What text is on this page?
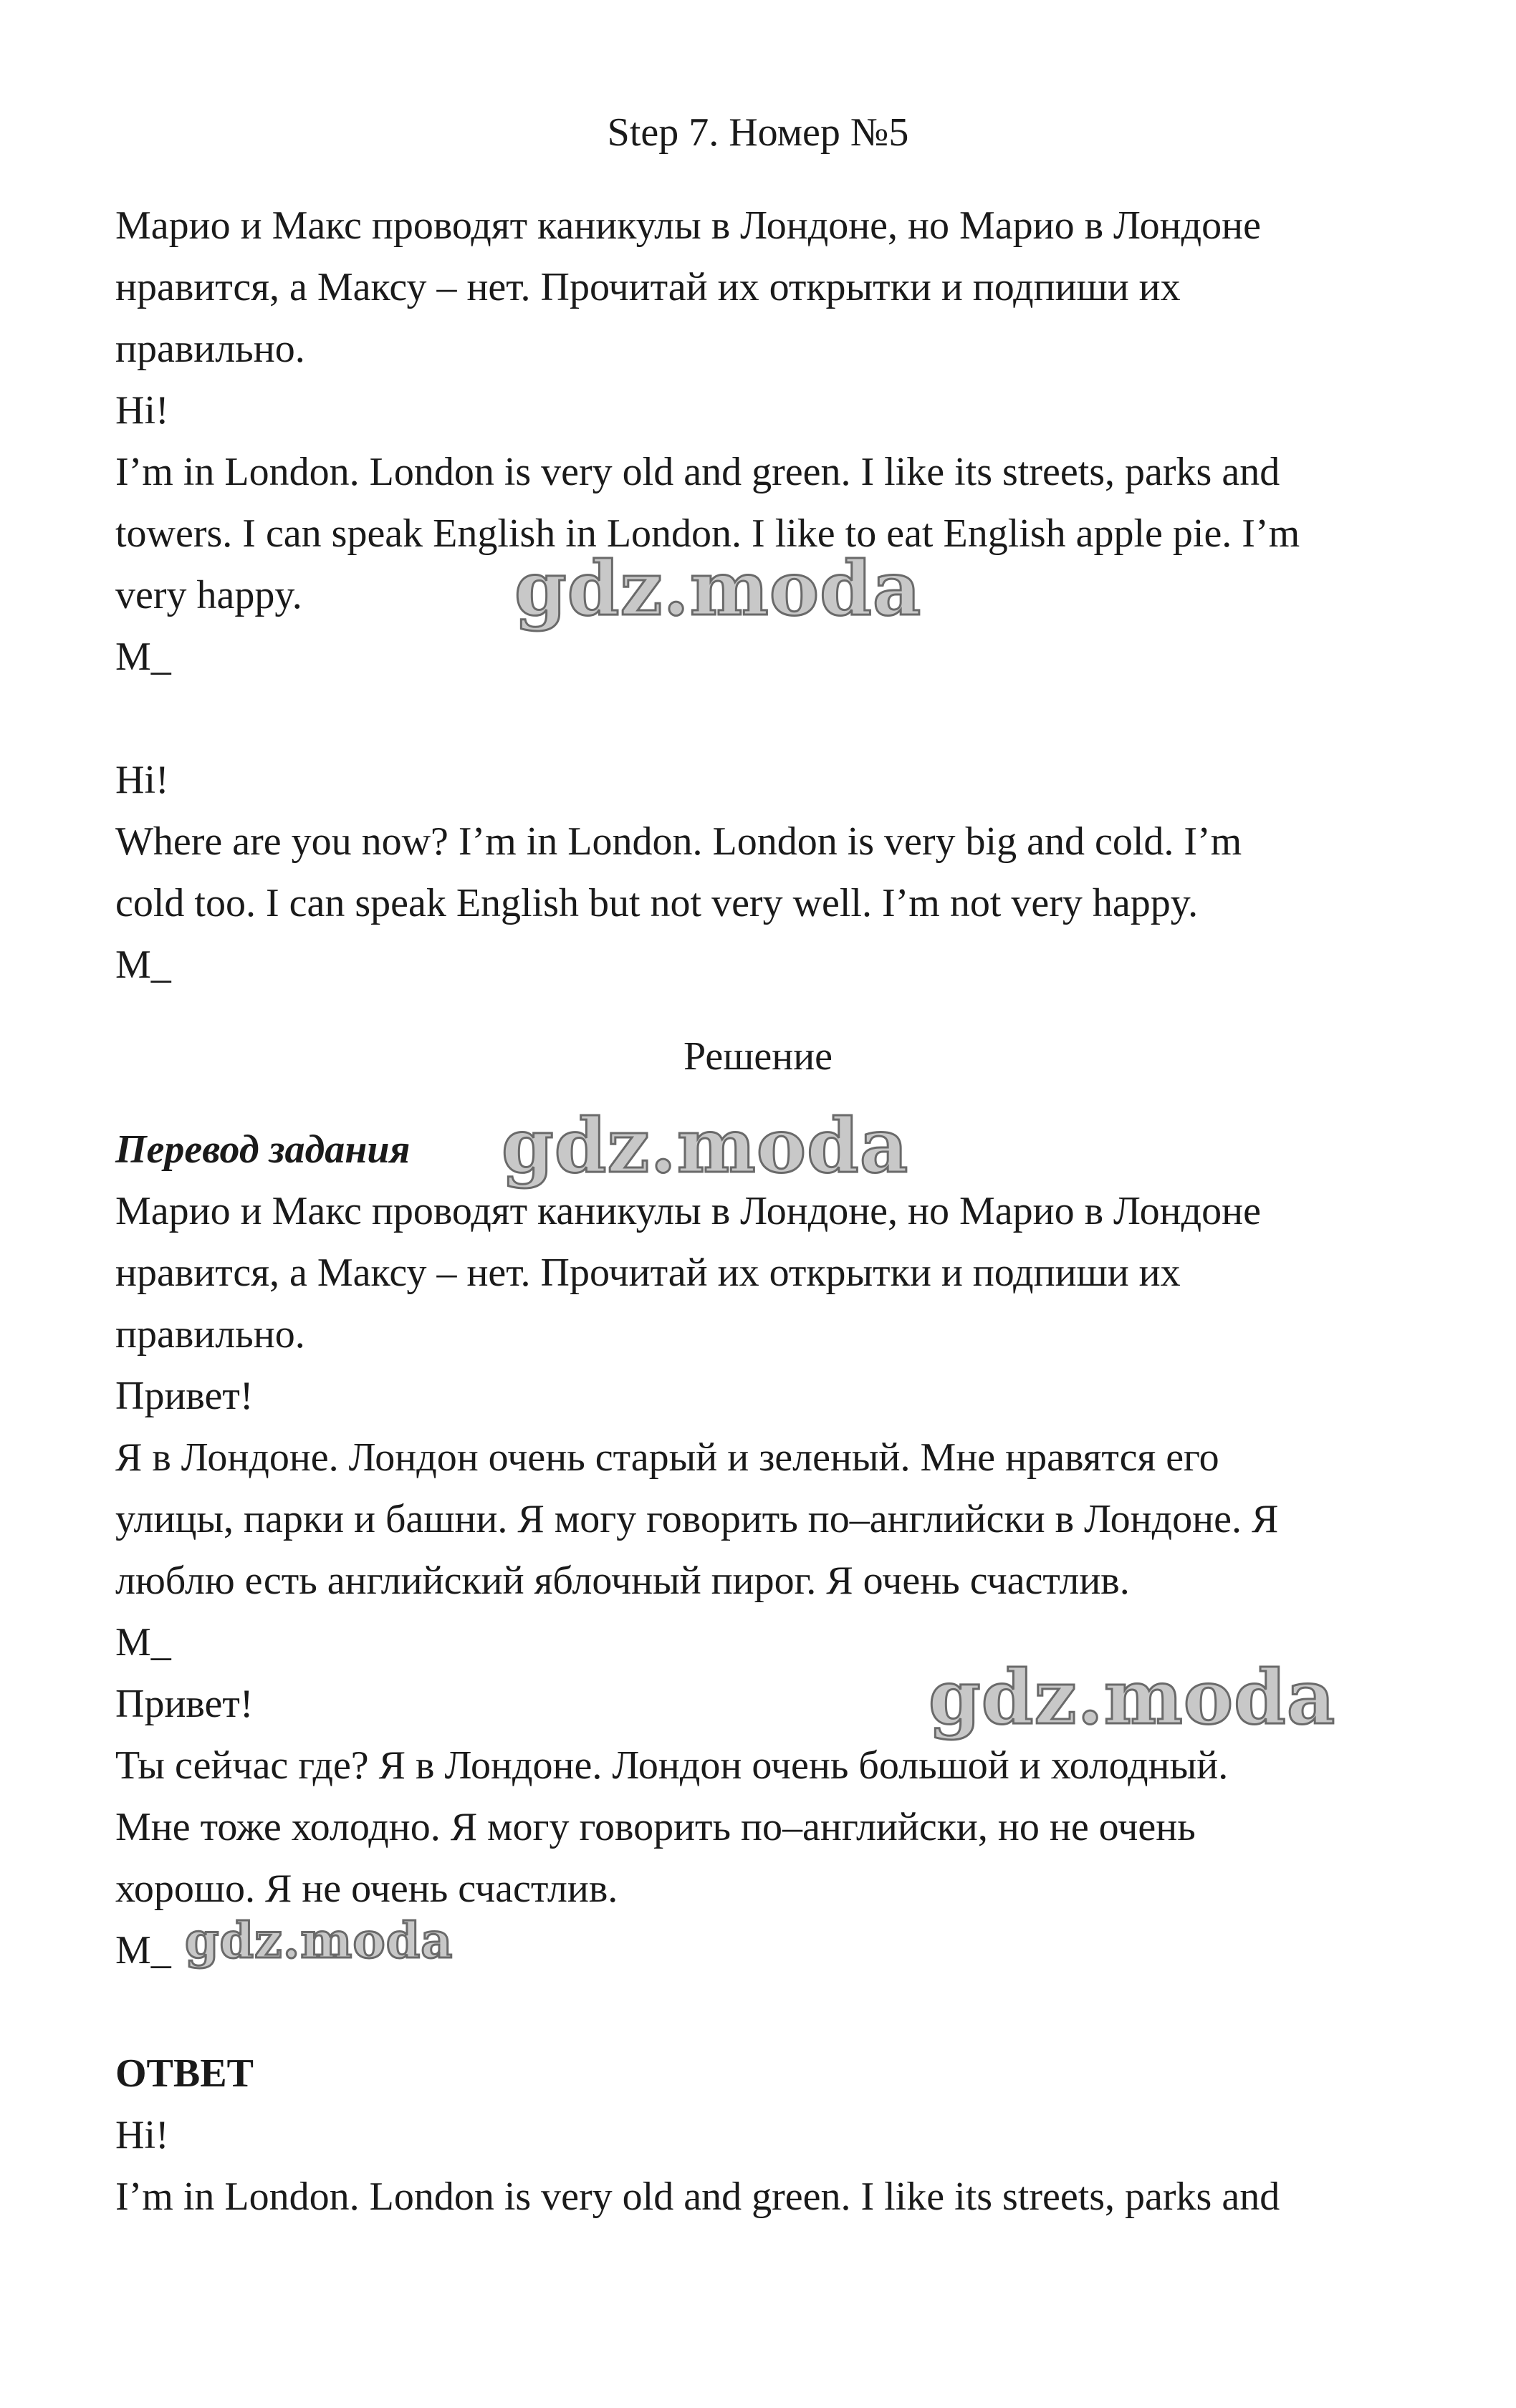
Step 7. Номер №5
Марио и Макс проводят каникулы в Лондоне, но Марио в Лондоне
нравится, а Максу – нет. Прочитай их открытки и подпиши их
правильно.
Hi!
I’m in London. London is very old and green. I like its streets, parks and
towers. I can speak English in London. I like to eat English apple pie. I’m
very happy.
M_
Hi!
Where are you now? I’m in London. London is very big and cold. I’m
cold too. I can speak English but not very well. I’m not very happy.
M_
Решение
Перевод задания
Марио и Макс проводят каникулы в Лондоне, но Марио в Лондоне
нравится, а Максу – нет. Прочитай их открытки и подпиши их
правильно.
Привет!
Я в Лондоне. Лондон очень старый и зеленый. Мне нравятся его
улицы, парки и башни. Я могу говорить по–английски в Лондоне. Я
люблю есть английский яблочный пирог. Я очень счастлив.
M_
Привет!
Ты сейчас где? Я в Лондоне. Лондон очень большой и холодный.
Мне тоже холодно. Я могу говорить по–английски, но не очень
хорошо. Я не очень счастлив.
M_
ОТВЕТ
Hi!
I’m in London. London is very old and green. I like its streets, parks and
gdz.moda
gdz.moda
gdz.moda
gdz.moda
